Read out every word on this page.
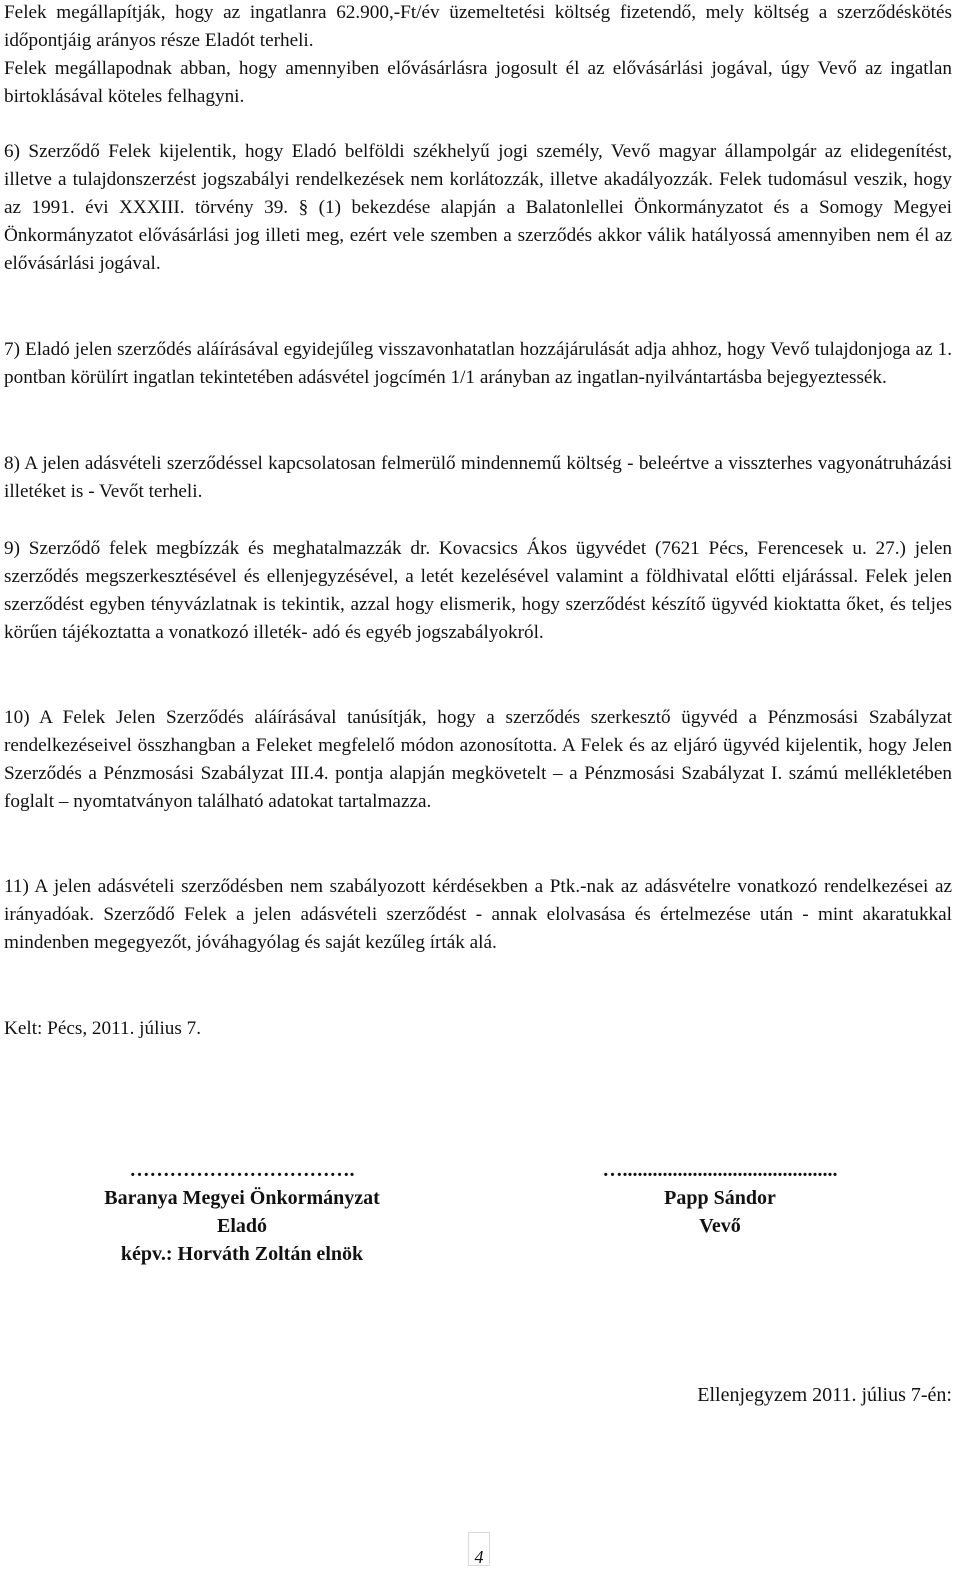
Felek megállapítják, hogy az ingatlanra 62.900,-Ft/év üzemeltetési költség fizetendő, mely költség a szerződéskötés időpontjáig arányos része Eladót terheli.
Felek megállapodnak abban, hogy amennyiben elővásárlásra jogosult él az elővásárlási jogával, úgy Vevő az ingatlan birtoklásával köteles felhagyni.

6) Szerződő Felek kijelentik, hogy Eladó belföldi székhelyű jogi személy, Vevő magyar állampolgár az elidegenítést, illetve a tulajdonszerzést jogszabályi rendelkezések nem korlátozzák, illetve akadályozzák. Felek tudomásul veszik, hogy az 1991. évi XXXIII. törvény 39. § (1) bekezdése alapján a Balatonlellei Önkormányzatot és a Somogy Megyei Önkormányzatot elővásárlási jog illeti meg, ezért vele szemben a szerződés akkor válik hatályossá amennyiben nem él az elővásárlási jogával.

7) Eladó jelen szerződés aláírásával egyidejűleg visszavonhatatlan hozzájárulását adja ahhoz, hogy Vevő tulajdonjoga az 1. pontban körülírt ingatlan tekintetében adásvétel jogcímén 1/1 arányban az ingatlan-nyilvántartásba bejegyeztessék.

8) A jelen adásvételi szerződéssel kapcsolatosan felmerülő mindennemű költség - beleértve a visszterhes vagyonátruházási illetéket is - Vevőt terheli.

9) Szerződő felek megbízzák és meghatalmazzák dr. Kovacsics Ákos ügyvédet (7621 Pécs, Ferencesek u. 27.) jelen szerződés megszerkesztésével és ellenjegyzésével, a letét kezelésével valamint a földhivatal előtti eljárással. Felek jelen szerződést egyben tényvázlatnak is tekintik, azzal hogy elismerik, hogy szerződést készítő ügyvéd kioktatta őket, és teljes körűen tájékoztatta a vonatkozó illeték- adó és egyéb jogszabályokról.

10) A Felek Jelen Szerződés aláírásával tanúsítják, hogy a szerződés szerkesztő ügyvéd a Pénzmosási Szabályzat rendelkezéseivel összhangban a Feleket megfelelő módon azonosította. A Felek és az eljáró ügyvéd kijelentik, hogy Jelen Szerződés a Pénzmosási Szabályzat III.4. pontja alapján megkövetelt – a Pénzmosási Szabályzat I. számú mellékletében foglalt – nyomtatványon található adatokat tartalmazza.

11) A jelen adásvételi szerződésben nem szabályozott kérdésekben a Ptk.-nak az adásvételre vonatkozó rendelkezései az irányadóak. Szerződő Felek a jelen adásvételi szerződést - annak elolvasása és értelmezése után - mint akaratukkal mindenben megegyezőt, jóváhagyólag és saját kezűleg írták alá.

Kelt: Pécs, 2011. július 7.

…………………………….
Baranya Megyei Önkormányzat
Eladó
képv.: Horváth Zoltán elnök
…...........................................
Papp Sándor
Vevő
Ellenjegyzem 2011. július 7-én:
4
